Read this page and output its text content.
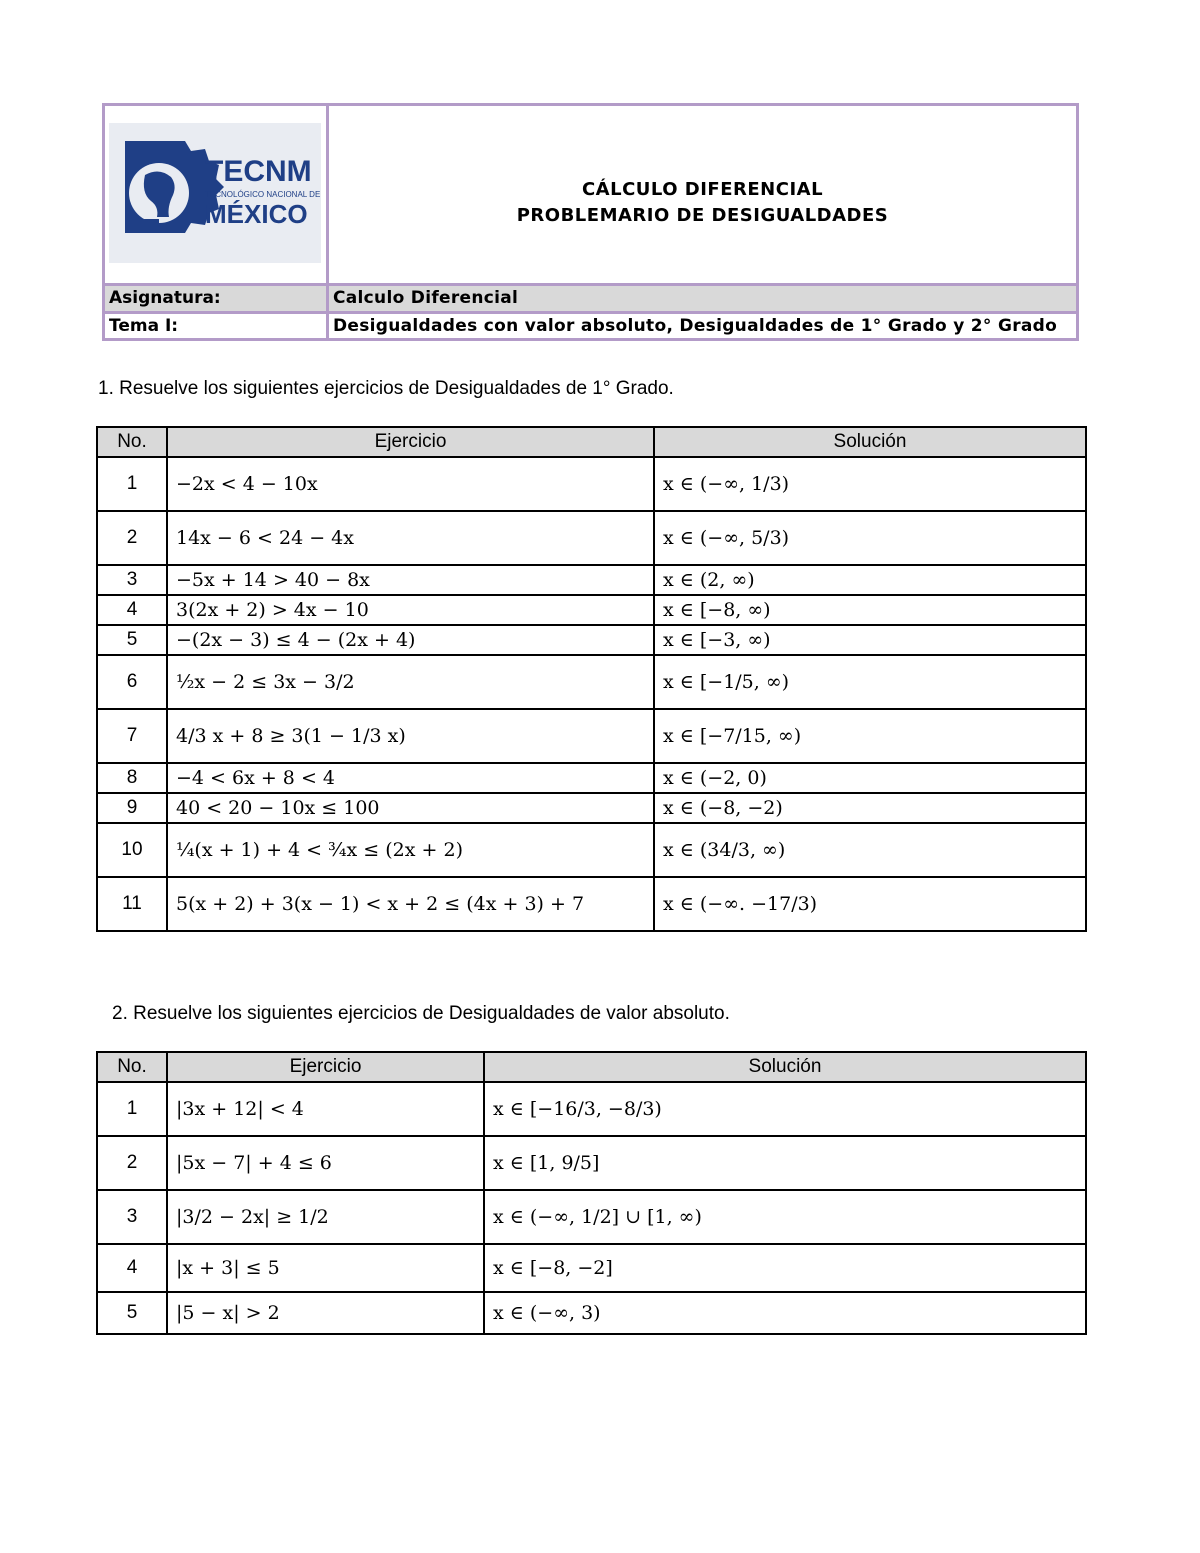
TECNM
TECNOLÓGICO NACIONAL DE
MÉXICO
CÁLCULO DIFERENCIAL
PROBLEMARIO DE DESIGUALDADES
Asignatura:	Calculo Diferencial
Tema I:	Desigualdades con valor absoluto, Desigualdades de 1° Grado y 2° Grado
1. Resuelve los siguientes ejercicios de Desigualdades de 1° Grado.
No.	Ejercicio	Solución
1	−2x < 4 − 10x	x ∈ (−∞, 1/3)
2	14x − 6 < 24 − 4x	x ∈ (−∞, 5/3)
3	−5x + 14 > 40 − 8x	x ∈ (2, ∞)
4	3(2x + 2) > 4x − 10	x ∈ [−8, ∞)
5	−(2x − 3) ≤ 4 − (2x + 4)	x ∈ [−3, ∞)
6	½x − 2 ≤ 3x − 3/2	x ∈ [−1/5, ∞)
7	4/3 x + 8 ≥ 3(1 − 1/3 x)	x ∈ [−7/15, ∞)
8	−4 < 6x + 8 < 4	x ∈ (−2, 0)
9	40 < 20 − 10x ≤ 100	x ∈ (−8, −2)
10	¼(x + 1) + 4 < ¾x ≤ (2x + 2)	x ∈ (34/3, ∞)
11	5(x + 2) + 3(x − 1) < x + 2 ≤ (4x + 3) + 7	x ∈ (−∞. −17/3)
2. Resuelve los siguientes ejercicios de Desigualdades de valor absoluto.
No.	Ejercicio	Solución
1	|3x + 12| < 4	x ∈ [−16/3, −8/3)
2	|5x − 7| + 4 ≤ 6	x ∈ [1, 9/5]
3	|3/2 − 2x| ≥ 1/2	x ∈ (−∞, 1/2] ∪ [1, ∞)
4	|x + 3| ≤ 5	x ∈ [−8, −2]
5	|5 − x| > 2	x ∈ (−∞, 3)
